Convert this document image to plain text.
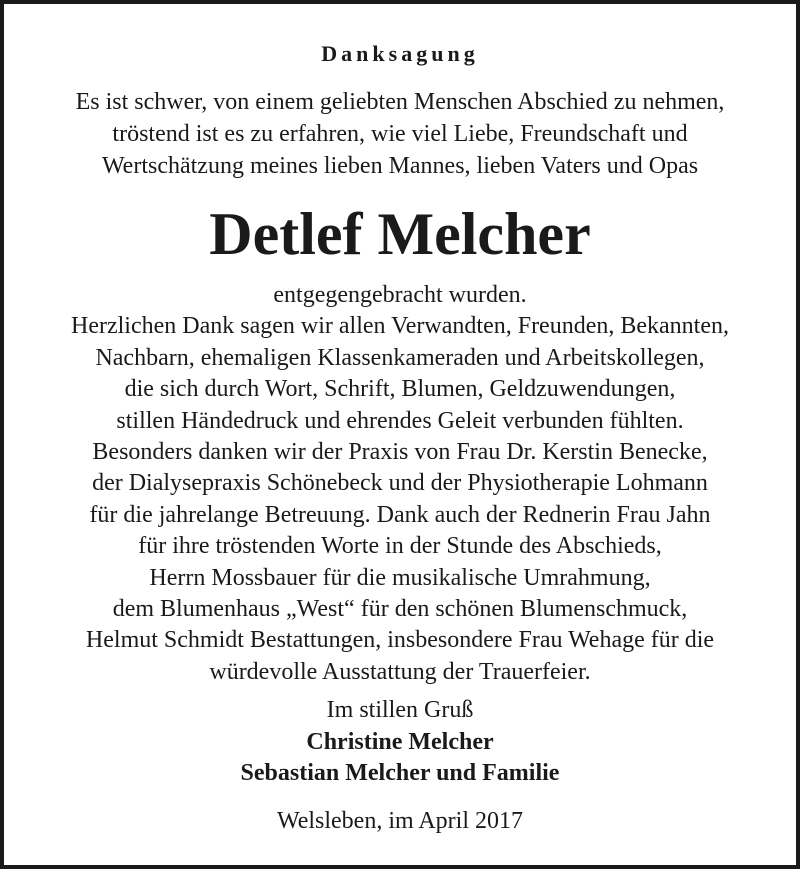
Danksagung
Es ist schwer, von einem geliebten Menschen Abschied zu nehmen,
tröstend ist es zu erfahren, wie viel Liebe, Freundschaft und
Wertschätzung meines lieben Mannes, lieben Vaters und Opas
Detlef Melcher
entgegengebracht wurden.
Herzlichen Dank sagen wir allen Verwandten, Freunden, Bekannten,
Nachbarn, ehemaligen Klassenkameraden und Arbeitskollegen,
die sich durch Wort, Schrift, Blumen, Geldzuwendungen,
stillen Händedruck und ehrendes Geleit verbunden fühlten.
Besonders danken wir der Praxis von Frau Dr. Kerstin Benecke,
der Dialysepraxis Schönebeck und der Physiotherapie Lohmann
für die jahrelange Betreuung. Dank auch der Rednerin Frau Jahn
für ihre tröstenden Worte in der Stunde des Abschieds,
Herrn Mossbauer für die musikalische Umrahmung,
dem Blumenhaus „West“ für den schönen Blumenschmuck,
Helmut Schmidt Bestattungen, insbesondere Frau Wehage für die
würdevolle Ausstattung der Trauerfeier.
Im stillen Gruß
Christine Melcher
Sebastian Melcher und Familie
Welsleben, im April 2017
